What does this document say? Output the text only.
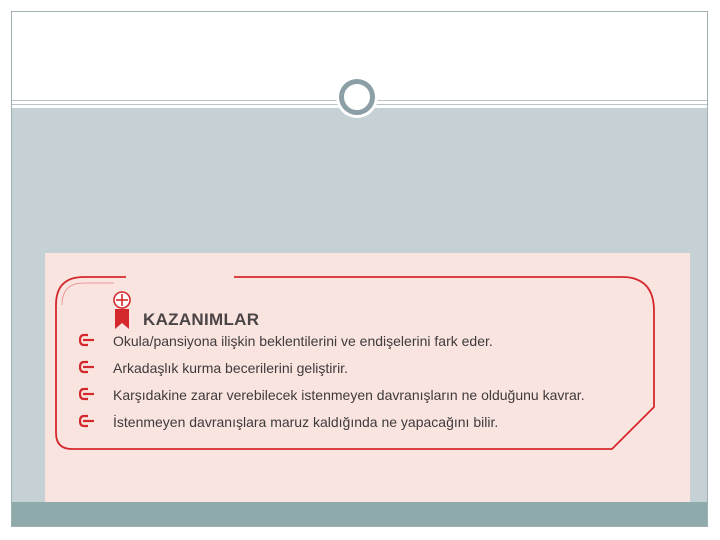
KAZANIMLAR
Okula/pansiyona ilişkin beklentilerini ve endişelerini fark eder.
Arkadaşlık kurma becerilerini geliştirir.
Karşıdakine zarar verebilecek istenmeyen davranışların ne olduğunu kavrar.
İstenmeyen davranışlara maruz kaldığında ne yapacağını bilir.
